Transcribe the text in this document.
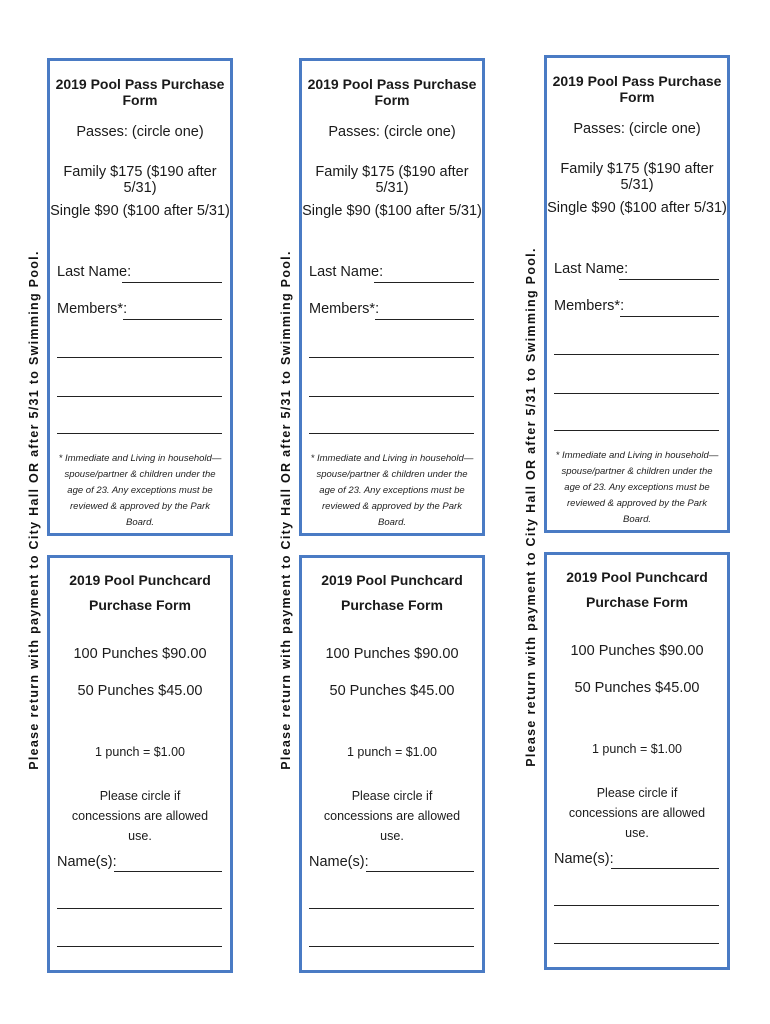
Please return with payment to City Hall OR after 5/31 to Swimming Pool.
2019 Pool Pass Purchase Form
Passes: (circle one)
Family $175 ($190 after 5/31)
Single $90 ($100 after 5/31)
Last Name:
Members*:
* Immediate and Living in household—spouse/partner & children under the age of 23. Any exceptions must be reviewed & approved by the Park Board.
2019 Pool Punchcard
Purchase Form
100 Punches $90.00
50 Punches $45.00
1 punch = $1.00
Please circle if concessions are allowed use.
Name(s):
Please return with payment to City Hall OR after 5/31 to Swimming Pool.
2019 Pool Pass Purchase Form
Passes: (circle one)
Family $175 ($190 after 5/31)
Single $90 ($100 after 5/31)
Last Name:
Members*:
* Immediate and Living in household—spouse/partner & children under the age of 23. Any exceptions must be reviewed & approved by the Park Board.
2019 Pool Punchcard
Purchase Form
100 Punches $90.00
50 Punches $45.00
1 punch = $1.00
Please circle if concessions are allowed use.
Name(s):
Please return with payment to City Hall OR after 5/31 to Swimming Pool.
2019 Pool Pass Purchase Form
Passes: (circle one)
Family $175 ($190 after 5/31)
Single $90 ($100 after 5/31)
Last Name:
Members*:
* Immediate and Living in household—spouse/partner & children under the age of 23. Any exceptions must be reviewed & approved by the Park Board.
2019 Pool Punchcard
Purchase Form
100 Punches $90.00
50 Punches $45.00
1 punch = $1.00
Please circle if concessions are allowed use.
Name(s):
